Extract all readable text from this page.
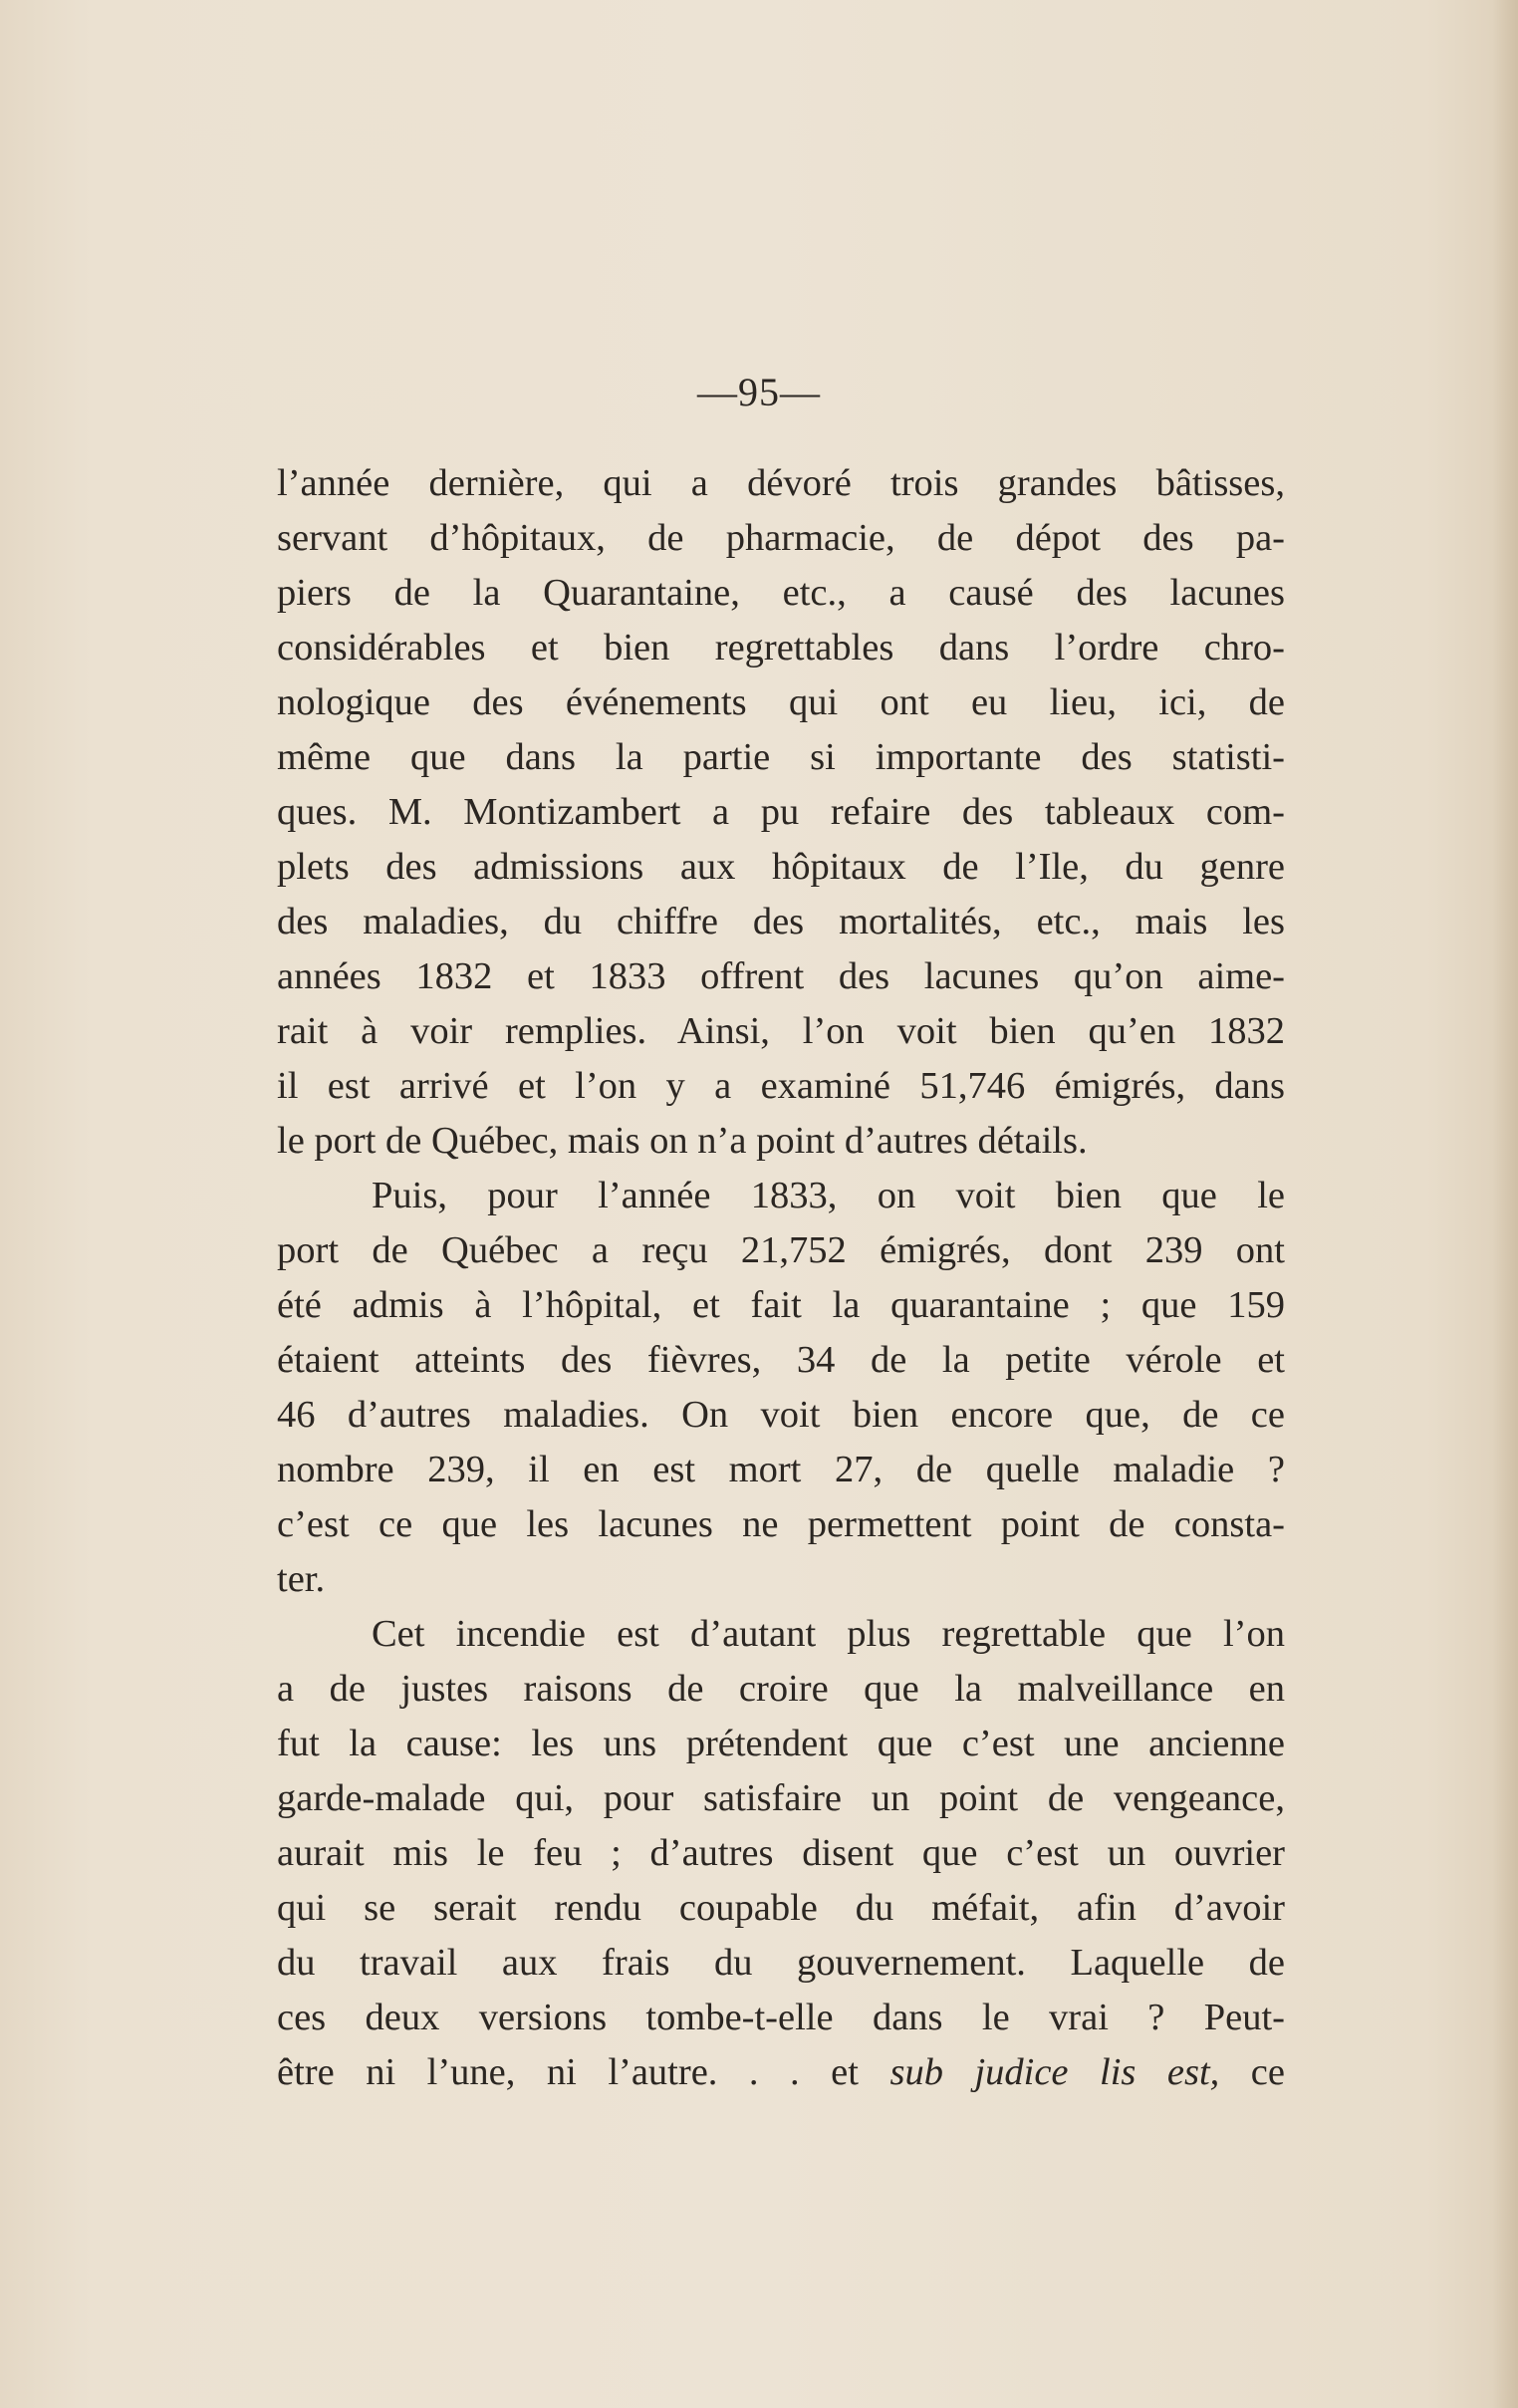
—95—
l’année dernière, qui a dévoré trois grandes bâtisses,
servant d’hôpitaux, de pharmacie, de dépot des pa-
piers de la Quarantaine, etc., a causé des lacunes
considérables et bien regrettables dans l’ordre chro-
nologique des événements qui ont eu lieu, ici, de
même que dans la partie si importante des statisti-
ques. M. Montizambert a pu refaire des tableaux com-
plets des admissions aux hôpitaux de l’Ile, du genre
des maladies, du chiffre des mortalités, etc., mais les
années 1832 et 1833 offrent des lacunes qu’on aime-
rait à voir remplies. Ainsi, l’on voit bien qu’en 1832
il est arrivé et l’on y a examiné 51,746 émigrés, dans
le port de Québec, mais on n’a point d’autres détails.
Puis, pour l’année 1833, on voit bien que le
port de Québec a reçu 21,752 émigrés, dont 239 ont
été admis à l’hôpital, et fait la quarantaine ; que 159
étaient atteints des fièvres, 34 de la petite vérole et
46 d’autres maladies. On voit bien encore que, de ce
nombre 239, il en est mort 27, de quelle maladie ?
c’est ce que les lacunes ne permettent point de consta-
ter.
Cet incendie est d’autant plus regrettable que l’on
a de justes raisons de croire que la malveillance en
fut la cause: les uns prétendent que c’est une ancienne
garde-malade qui, pour satisfaire un point de vengeance,
aurait mis le feu ; d’autres disent que c’est un ouvrier
qui se serait rendu coupable du méfait, afin d’avoir
du travail aux frais du gouvernement. Laquelle de
ces deux versions tombe-t-elle dans le vrai ? Peut-
être ni l’une, ni l’autre. . . et sub judice lis est, ce
